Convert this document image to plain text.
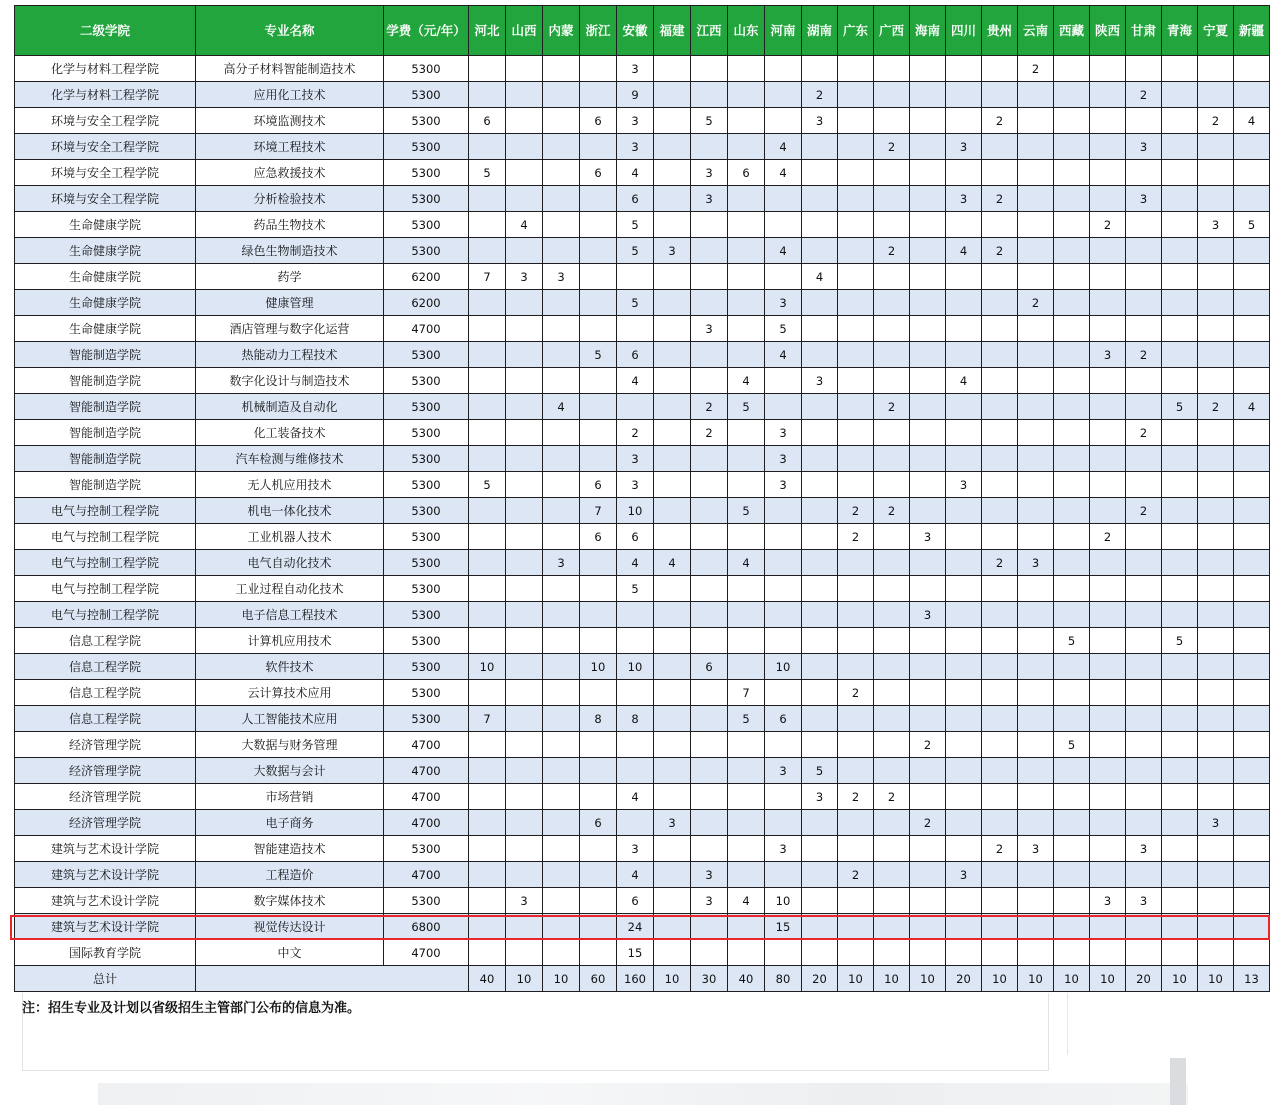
二级学院	专业名称	学费（元/年）	河北	山西	内蒙	浙江	安徽	福建	江西	山东	河南	湖南	广东	广西	海南	四川	贵州	云南	西藏	陕西	甘肃	青海	宁夏	新疆
化学与材料工程学院	高分子材料智能制造技术	5300					3											2						
化学与材料工程学院	应用化工技术	5300					9					2									2			
环境与安全工程学院	环境监测技术	5300	6			6	3		5			3					2						2	4
环境与安全工程学院	环境工程技术	5300					3				4			2		3					3			
环境与安全工程学院	应急救援技术	5300	5			6	4		3	6	4													
环境与安全工程学院	分析检验技术	5300					6		3							3	2				3			
生命健康学院	药品生物技术	5300		4			5													2			3	5
生命健康学院	绿色生物制造技术	5300					5	3			4			2		4	2							
生命健康学院	药学	6200	7	3	3							4												
生命健康学院	健康管理	6200					5				3							2						
生命健康学院	酒店管理与数字化运营	4700							3		5													
智能制造学院	热能动力工程技术	5300				5	6				4									3	2			
智能制造学院	数字化设计与制造技术	5300					4			4		3				4								
智能制造学院	机械制造及自动化	5300			4				2	5				2								5	2	4
智能制造学院	化工装备技术	5300					2		2		3										2			
智能制造学院	汽车检测与维修技术	5300					3				3													
智能制造学院	无人机应用技术	5300	5			6	3				3					3								
电气与控制工程学院	机电一体化技术	5300				7	10			5			2	2							2			
电气与控制工程学院	工业机器人技术	5300				6	6						2		3					2				
电气与控制工程学院	电气自动化技术	5300			3		4	4		4							2	3						
电气与控制工程学院	工业过程自动化技术	5300					5																	
电气与控制工程学院	电子信息工程技术	5300													3									
信息工程学院	计算机应用技术	5300																	5			5		
信息工程学院	软件技术	5300	10			10	10		6		10													
信息工程学院	云计算技术应用	5300								7			2											
信息工程学院	人工智能技术应用	5300	7			8	8			5	6													
经济管理学院	大数据与财务管理	4700													2				5					
经济管理学院	大数据与会计	4700									3	5												
经济管理学院	市场营销	4700					4					3	2	2										
经济管理学院	电子商务	4700				6		3							2								3	
建筑与艺术设计学院	智能建造技术	5300					3				3						2	3			3			
建筑与艺术设计学院	工程造价	4700					4		3				2			3								
建筑与艺术设计学院	数字媒体技术	5300		3			6		3	4	10									3	3			
建筑与艺术设计学院	视觉传达设计	6800					24				15													
国际教育学院	中文	4700					15																	
总计			40	10	10	60	160	10	30	40	80	20	10	10	10	20	10	10	10	10	20	10	10	13
注：招生专业及计划以省级招生主管部门公布的信息为准。
